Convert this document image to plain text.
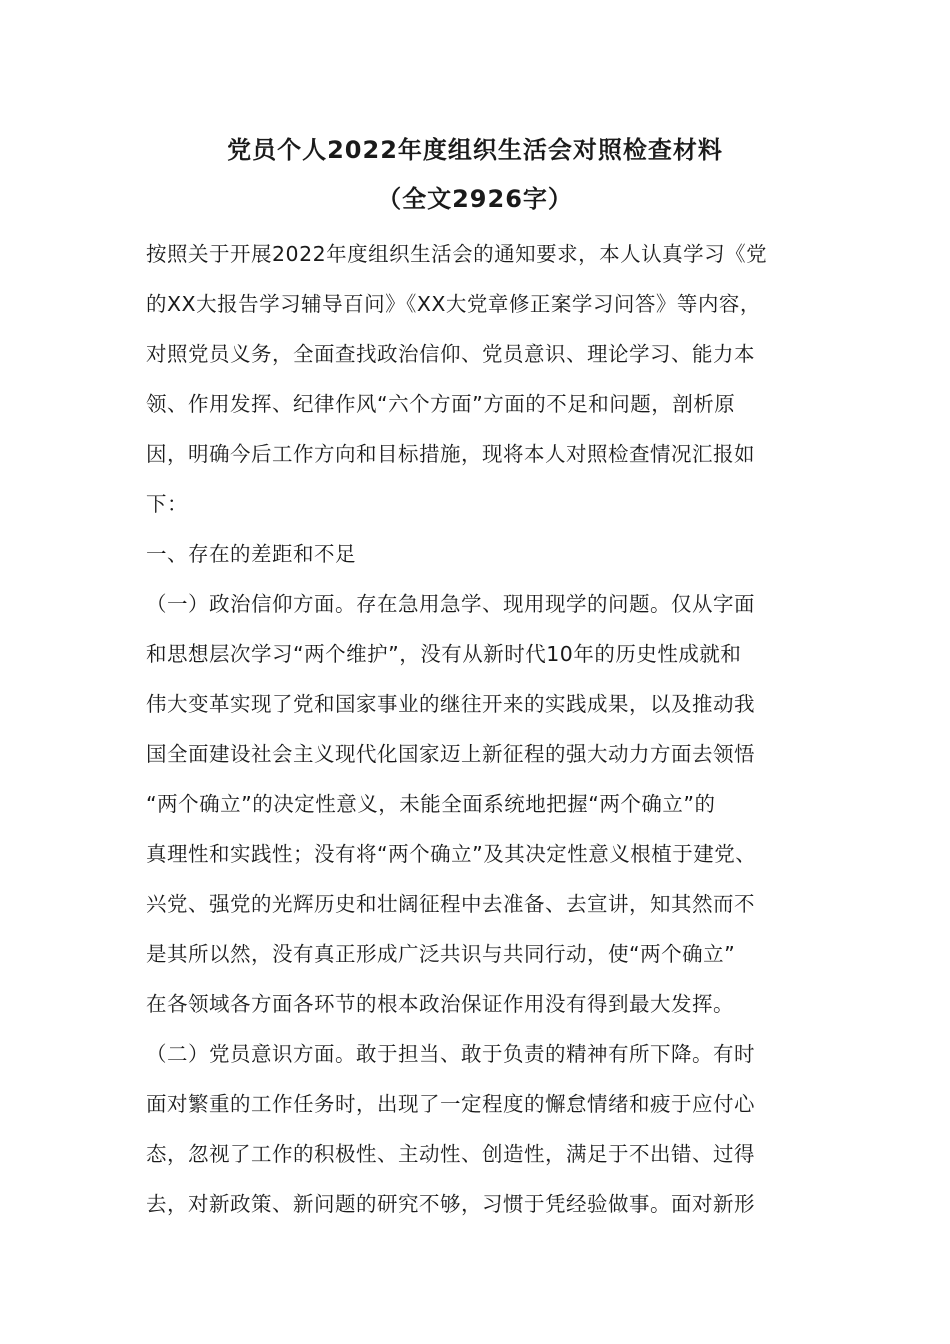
党员个人2022年度组织生活会对照检查材料
（全文2926字）
按照关于开展2022年度组织生活会的通知要求，本人认真学习《党
的XX大报告学习辅导百问》《XX大党章修正案学习问答》等内容，
对照党员义务，全面查找政治信仰、党员意识、理论学习、能力本
领、作用发挥、纪律作风“六个方面”方面的不足和问题，剖析原
因，明确今后工作方向和目标措施，现将本人对照检查情况汇报如
下：
一、存在的差距和不足
（一）政治信仰方面。存在急用急学、现用现学的问题。仅从字面
和思想层次学习“两个维护”，没有从新时代10年的历史性成就和
伟大变革实现了党和国家事业的继往开来的实践成果，以及推动我
国全面建设社会主义现代化国家迈上新征程的强大动力方面去领悟
“两个确立”的决定性意义，未能全面系统地把握“两个确立”的
真理性和实践性；没有将“两个确立”及其决定性意义根植于建党、
兴党、强党的光辉历史和壮阔征程中去准备、去宣讲，知其然而不
是其所以然，没有真正形成广泛共识与共同行动，使“两个确立”
在各领域各方面各环节的根本政治保证作用没有得到最大发挥。
（二）党员意识方面。敢于担当、敢于负责的精神有所下降。有时
面对繁重的工作任务时，出现了一定程度的懈怠情绪和疲于应付心
态，忽视了工作的积极性、主动性、创造性，满足于不出错、过得
去，对新政策、新问题的研究不够，习惯于凭经验做事。面对新形
